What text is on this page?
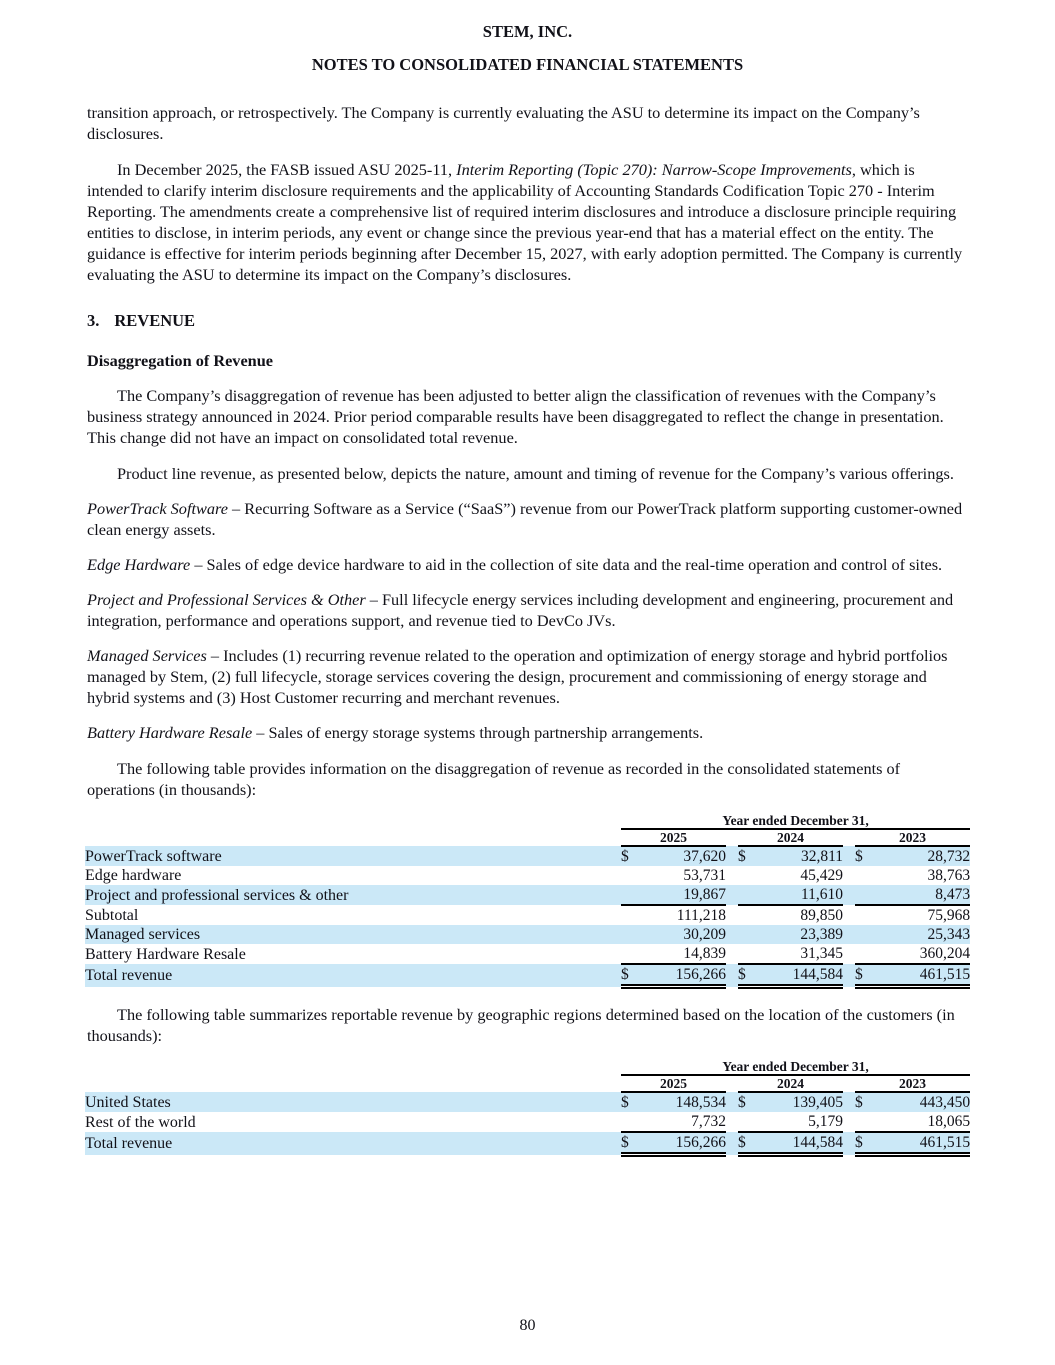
STEM, INC.
NOTES TO CONSOLIDATED FINANCIAL STATEMENTS

transition approach, or retrospectively. The Company is currently evaluating the ASU to determine its impact on the Company’s disclosures.

In December 2025, the FASB issued ASU 2025-11, Interim Reporting (Topic 270): Narrow-Scope Improvements, which is intended to clarify interim disclosure requirements and the applicability of Accounting Standards Codification Topic 270 - Interim Reporting. The amendments create a comprehensive list of required interim disclosures and introduce a disclosure principle requiring entities to disclose, in interim periods, any event or change since the previous year-end that has a material effect on the entity. The guidance is effective for interim periods beginning after December 15, 2027, with early adoption permitted. The Company is currently evaluating the ASU to determine its impact on the Company’s disclosures.

3. REVENUE
Disaggregation of Revenue

The Company’s disaggregation of revenue has been adjusted to better align the classification of revenues with the Company’s business strategy announced in 2024. Prior period comparable results have been disaggregated to reflect the change in presentation. This change did not have an impact on consolidated total revenue.

Product line revenue, as presented below, depicts the nature, amount and timing of revenue for the Company’s various offerings.

PowerTrack Software – Recurring Software as a Service (“SaaS”) revenue from our PowerTrack platform supporting customer-owned clean energy assets.

Edge Hardware – Sales of edge device hardware to aid in the collection of site data and the real-time operation and control of sites.

Project and Professional Services & Other – Full lifecycle energy services including development and engineering, procurement and integration, performance and operations support, and revenue tied to DevCo JVs.

Managed Services – Includes (1) recurring revenue related to the operation and optimization of energy storage and hybrid portfolios managed by Stem, (2) full lifecycle, storage services covering the design, procurement and commissioning of energy storage and hybrid systems and (3) Host Customer recurring and merchant revenues.

Battery Hardware Resale – Sales of energy storage systems through partnership arrangements.

The following table provides information on the disaggregation of revenue as recorded in the consolidated statements of operations (in thousands):

	Year ended December 31,							
	2025			2024			2023	
PowerTrack software	$	37,620		$	32,811		$	28,732
Edge hardware		53,731			45,429			38,763
Project and professional services & other		19,867			11,610			8,473
Subtotal		111,218			89,850			75,968
Managed services		30,209			23,389			25,343
Battery Hardware Resale		14,839			31,345			360,204
Total revenue	$	156,266		$	144,584		$	461,515

The following table summarizes reportable revenue by geographic regions determined based on the location of the customers (in thousands):

	Year ended December 31,							
	2025			2024			2023	
United States	$	148,534		$	139,405		$	443,450
Rest of the world		7,732			5,179			18,065
Total revenue	$	156,266		$	144,584		$	461,515
80
